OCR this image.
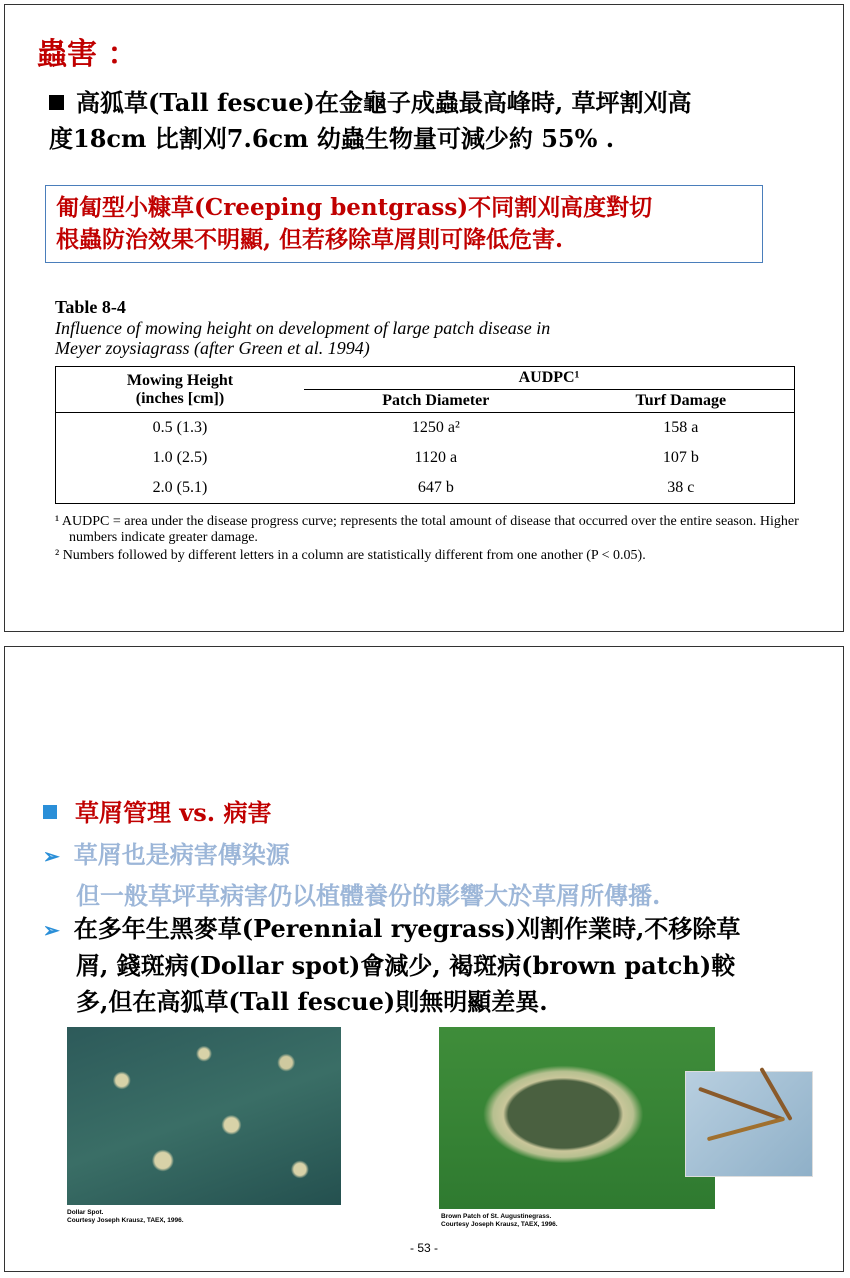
蟲害 ：
高狐草(Tall fescue)在金龜子成蟲最高峰時, 草坪割刈高
度18cm 比割刈7.6cm 幼蟲生物量可減少約 55% .
匍匐型小糠草(Creeping bentgrass)不同割刈高度對切
根蟲防治效果不明顯, 但若移除草屑則可降低危害.
Table 8-4
Influence of mowing height on development of large patch disease in
Meyer zoysiagrass (after Green et al. 1994)
Mowing Height
(inches [cm])	AUDPC¹	
	Patch Diameter	Turf Damage
0.5 (1.3)	1250 a²	158 a
1.0 (2.5)	1120 a	107 b
2.0 (5.1)	647 b	38 c
¹ AUDPC = area under the disease progress curve; represents the total amount of disease that occurred over the entire season. Higher numbers indicate greater damage.
² Numbers followed by different letters in a column are statistically different from one another (P < 0.05).
草屑管理 vs. 病害
➢ 草屑也是病害傳染源
但一般草坪草病害仍以植體養份的影響大於草屑所傳播.
➢ 在多年生黑麥草(Perennial ryegrass)刈割作業時,不移除草
屑, 錢斑病(Dollar spot)會減少, 褐斑病(brown patch)較
多,但在高狐草(Tall fescue)則無明顯差異.
Dollar Spot.
Courtesy Joseph Krausz, TAEX, 1996.
Brown Patch of St. Augustinegrass.
Courtesy Joseph Krausz, TAEX, 1996.
- 53 -
